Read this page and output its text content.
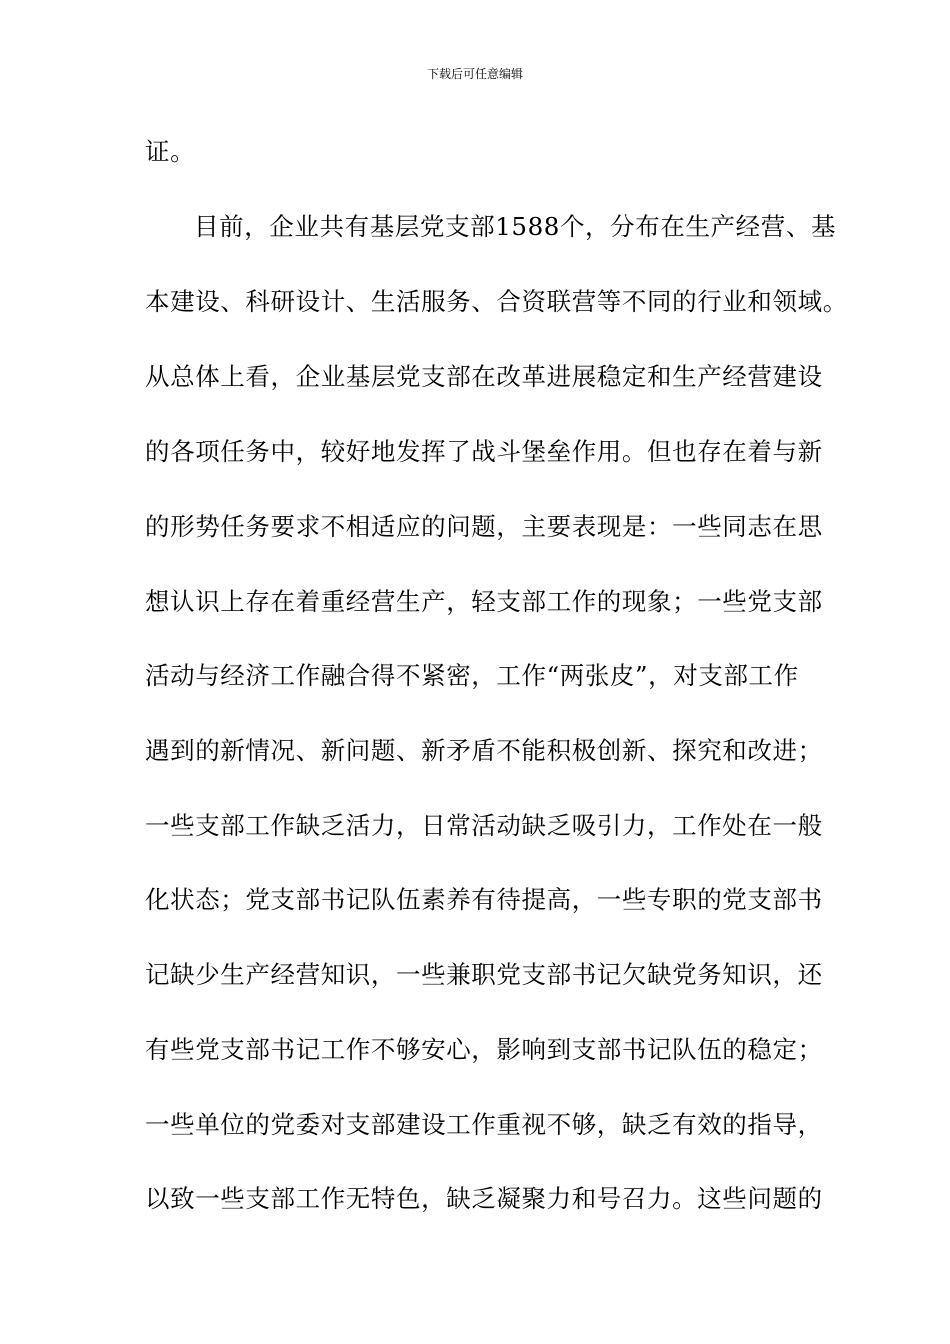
下载后可任意编辑
证。
目前，企业共有基层党支部1588个，分布在生产经营、基
本建设、科研设计、生活服务、合资联营等不同的行业和领域。
从总体上看，企业基层党支部在改革进展稳定和生产经营建设
的各项任务中，较好地发挥了战斗堡垒作用。但也存在着与新
的形势任务要求不相适应的问题，主要表现是：一些同志在思
想认识上存在着重经营生产，轻支部工作的现象；一些党支部
活动与经济工作融合得不紧密，工作“两张皮”，对支部工作
遇到的新情况、新问题、新矛盾不能积极创新、探究和改进；
一些支部工作缺乏活力，日常活动缺乏吸引力，工作处在一般
化状态；党支部书记队伍素养有待提高，一些专职的党支部书
记缺少生产经营知识，一些兼职党支部书记欠缺党务知识，还
有些党支部书记工作不够安心，影响到支部书记队伍的稳定；
一些单位的党委对支部建设工作重视不够，缺乏有效的指导，
以致一些支部工作无特色，缺乏凝聚力和号召力。这些问题的
